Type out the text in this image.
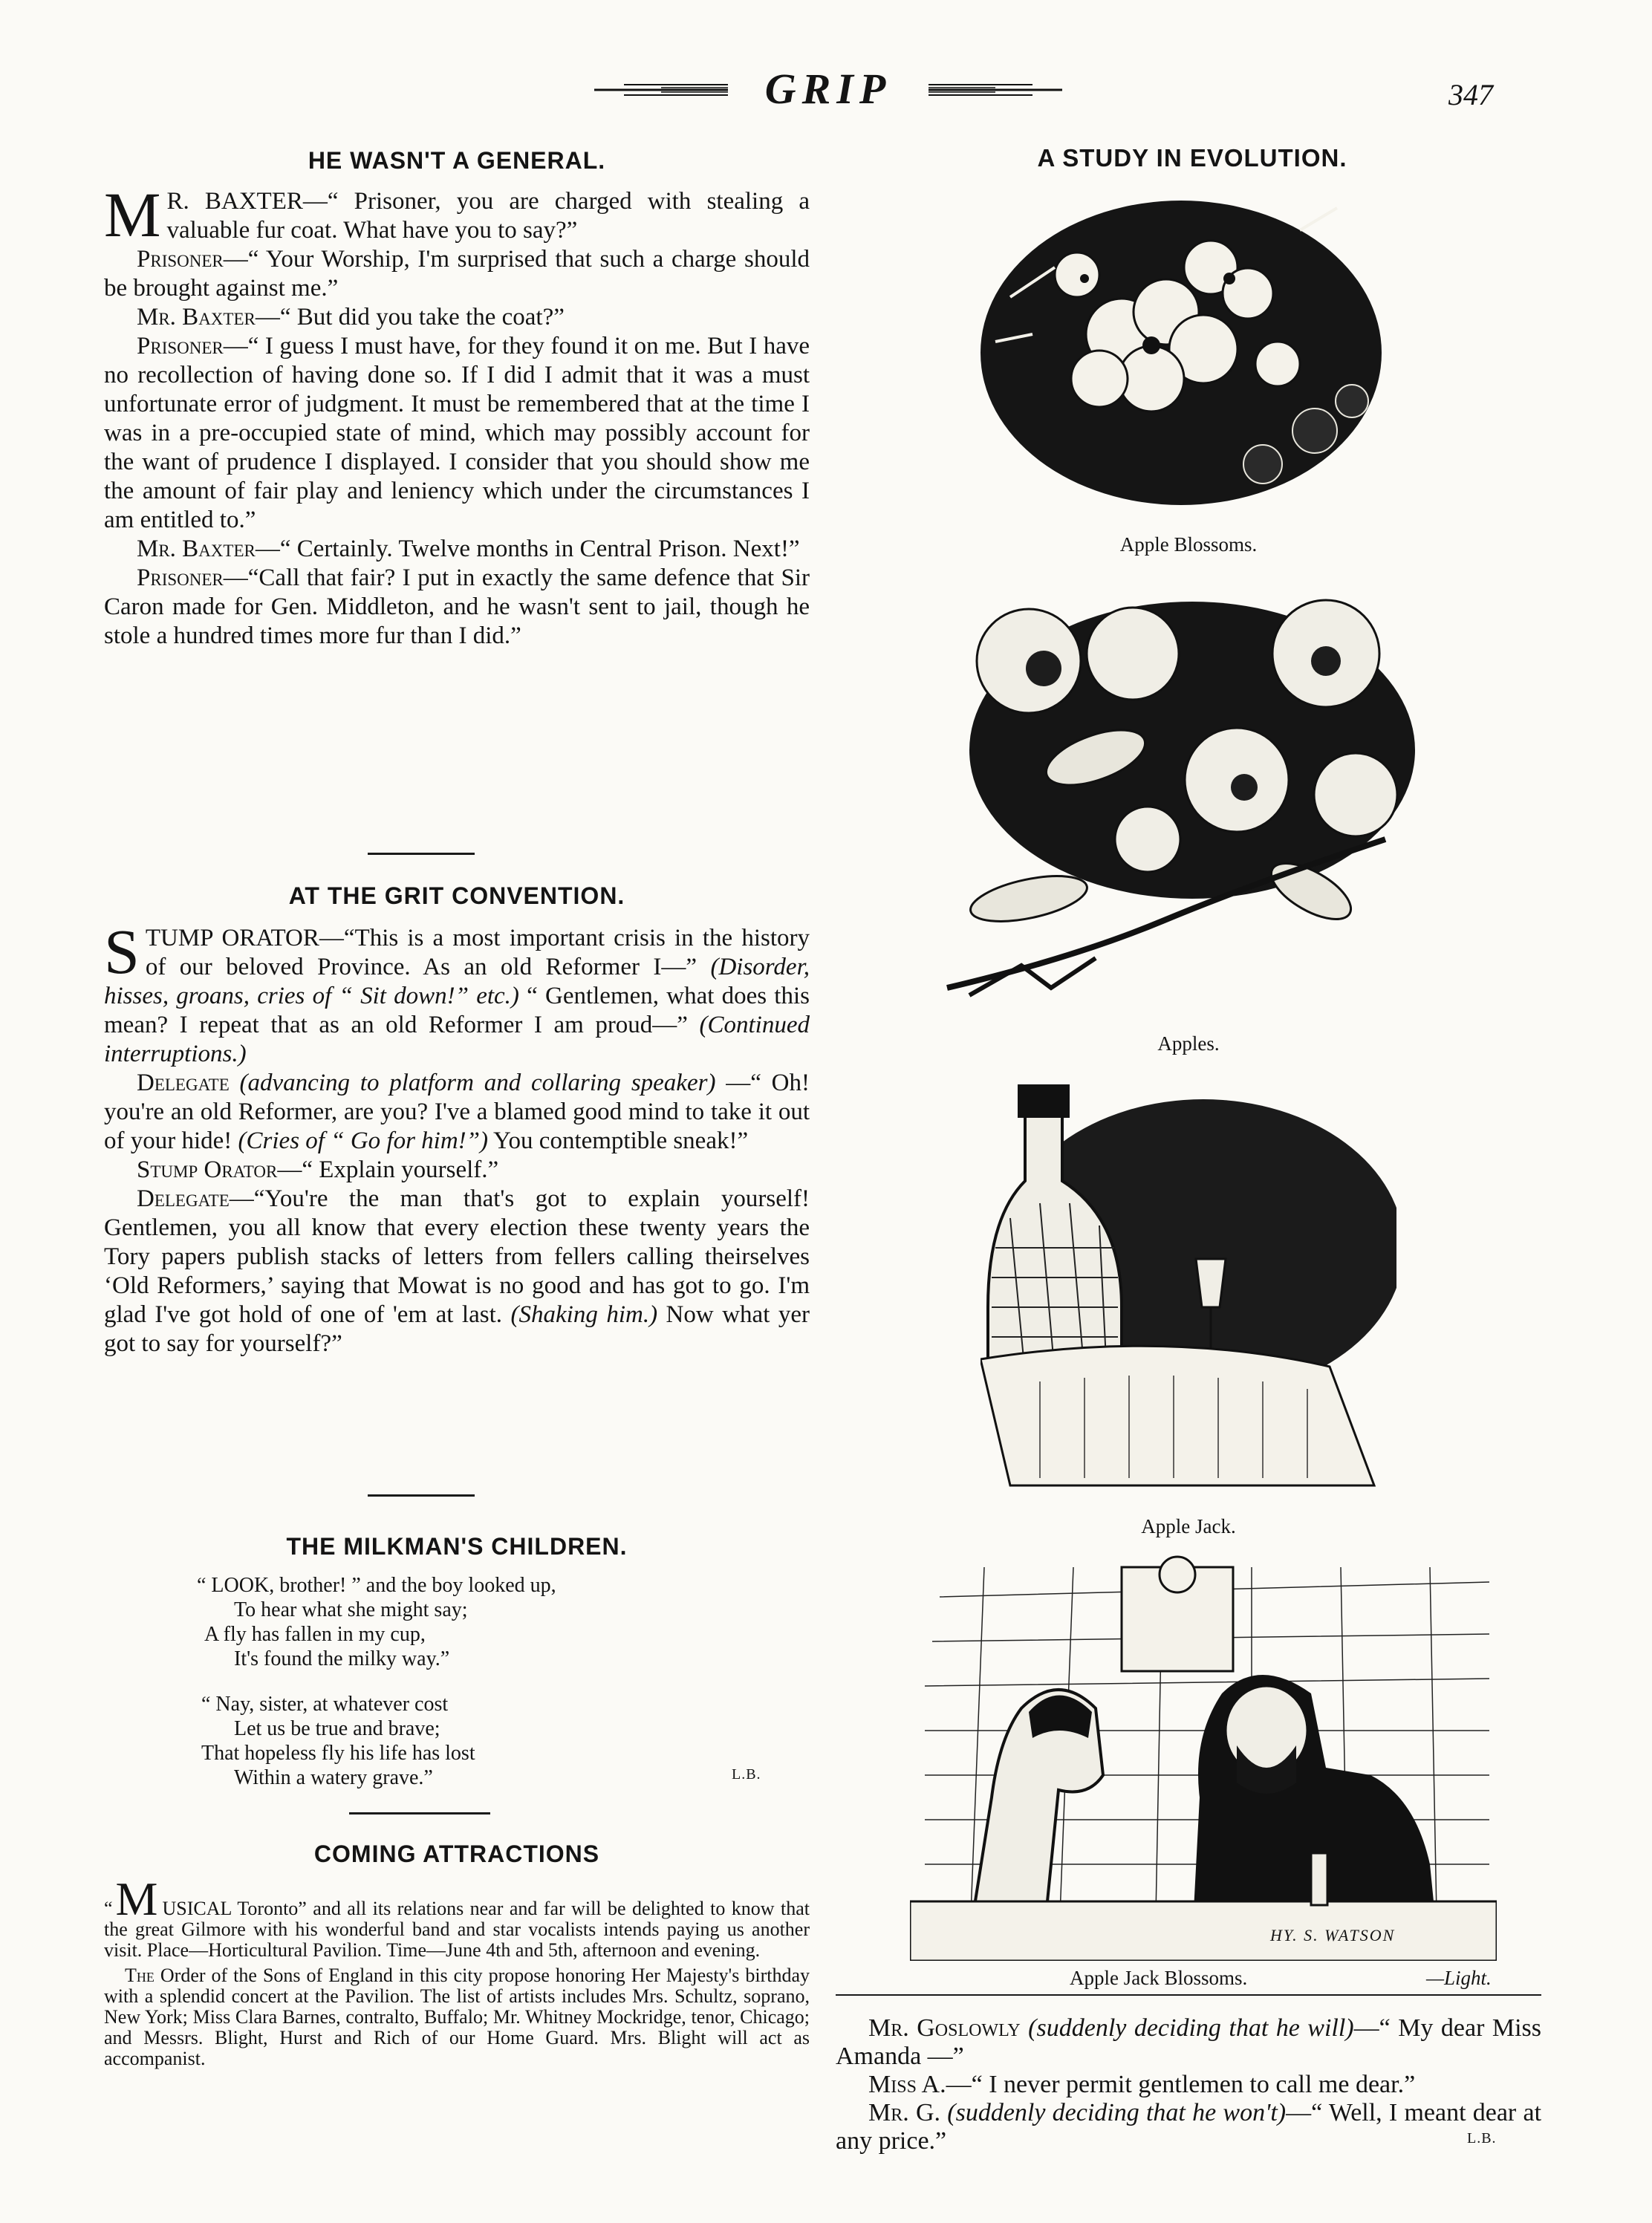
GRIP	347
HE WASN'T A GENERAL.

M R. BAXTER—“ Prisoner, you are charged with stealing a valuable fur coat. What have you to say?”

Prisoner—“ Your Worship, I'm surprised that such a charge should be brought against me.”

Mr. Baxter—“ But did you take the coat?”

Prisoner—“ I guess I must have, for they found it on me. But I have no recollection of having done so. If I did I admit that it was a must unfortunate error of judgment. It must be remembered that at the time I was in a pre-occupied state of mind, which may possibly account for the want of prudence I displayed. I consider that you should show me the amount of fair play and leniency which under the circumstances I am entitled to.”

Mr. Baxter—“ Certainly. Twelve months in Central Prison. Next!”

Prisoner—“Call that fair? I put in exactly the same defence that Sir Caron made for Gen. Middleton, and he wasn't sent to jail, though he stole a hundred times more fur than I did.”

AT THE GRIT CONVENTION.

STUMP ORATOR—“This is a most important crisis in the history of our beloved Province. As an old Reformer I—” (Disorder, hisses, groans, cries of “ Sit down!” etc.) “ Gentlemen, what does this mean? I repeat that as an old Reformer I am proud—” (Continued interruptions.)

Delegate (advancing to platform and collaring speaker) —“ Oh! you're an old Reformer, are you? I've a blamed good mind to take it out of your hide! (Cries of “ Go for him!”) You contemptible sneak!”

Stump Orator—“ Explain yourself.”

Delegate—“You're the man that's got to explain yourself! Gentlemen, you all know that every election these twenty years the Tory papers publish stacks of letters from fellers calling theirselves ‘Old Reformers,’ saying that Mowat is no good and has got to go. I'm glad I've got hold of one of 'em at last. (Shaking him.) Now what yer got to say for yourself?”

THE MILKMAN'S CHILDREN.
“ LOOK, brother! ” and the boy looked up,
To hear what she might say;
A fly has fallen in my cup,
It's found the milky way.”
“ Nay, sister, at whatever cost
Let us be true and brave;
That hopeless fly his life has lost
Within a watery grave.”	L.B.
COMING ATTRACTIONS

“M USICAL Toronto” and all its relations near and far will be delighted to know that the great Gilmore with his wonderful band and star vocalists intends paying us another visit. Place—Horticultural Pavilion. Time—June 4th and 5th, afternoon and evening.

The Order of the Sons of England in this city propose honoring Her Majesty's birthday with a splendid concert at the Pavilion. The list of artists includes Mrs. Schultz, soprano, New York; Miss Clara Barnes, contralto, Buffalo; Mr. Whitney Mockridge, tenor, Chicago; and Messrs. Blight, Hurst and Rich of our Home Guard. Mrs. Blight will act as accompanist.

A STUDY IN EVOLUTION.
Apple Blossoms.
Apples.
Apple Jack.
HY. S. WATSON
Apple Jack Blossoms.	—Light.

Mr. Goslowly (suddenly deciding that he will)—“ My dear Miss Amanda —”

Miss A.—“ I never permit gentlemen to call me dear.”

Mr. G. (suddenly deciding that he won't)—“ Well, I meant dear at any price.”	L.B.
